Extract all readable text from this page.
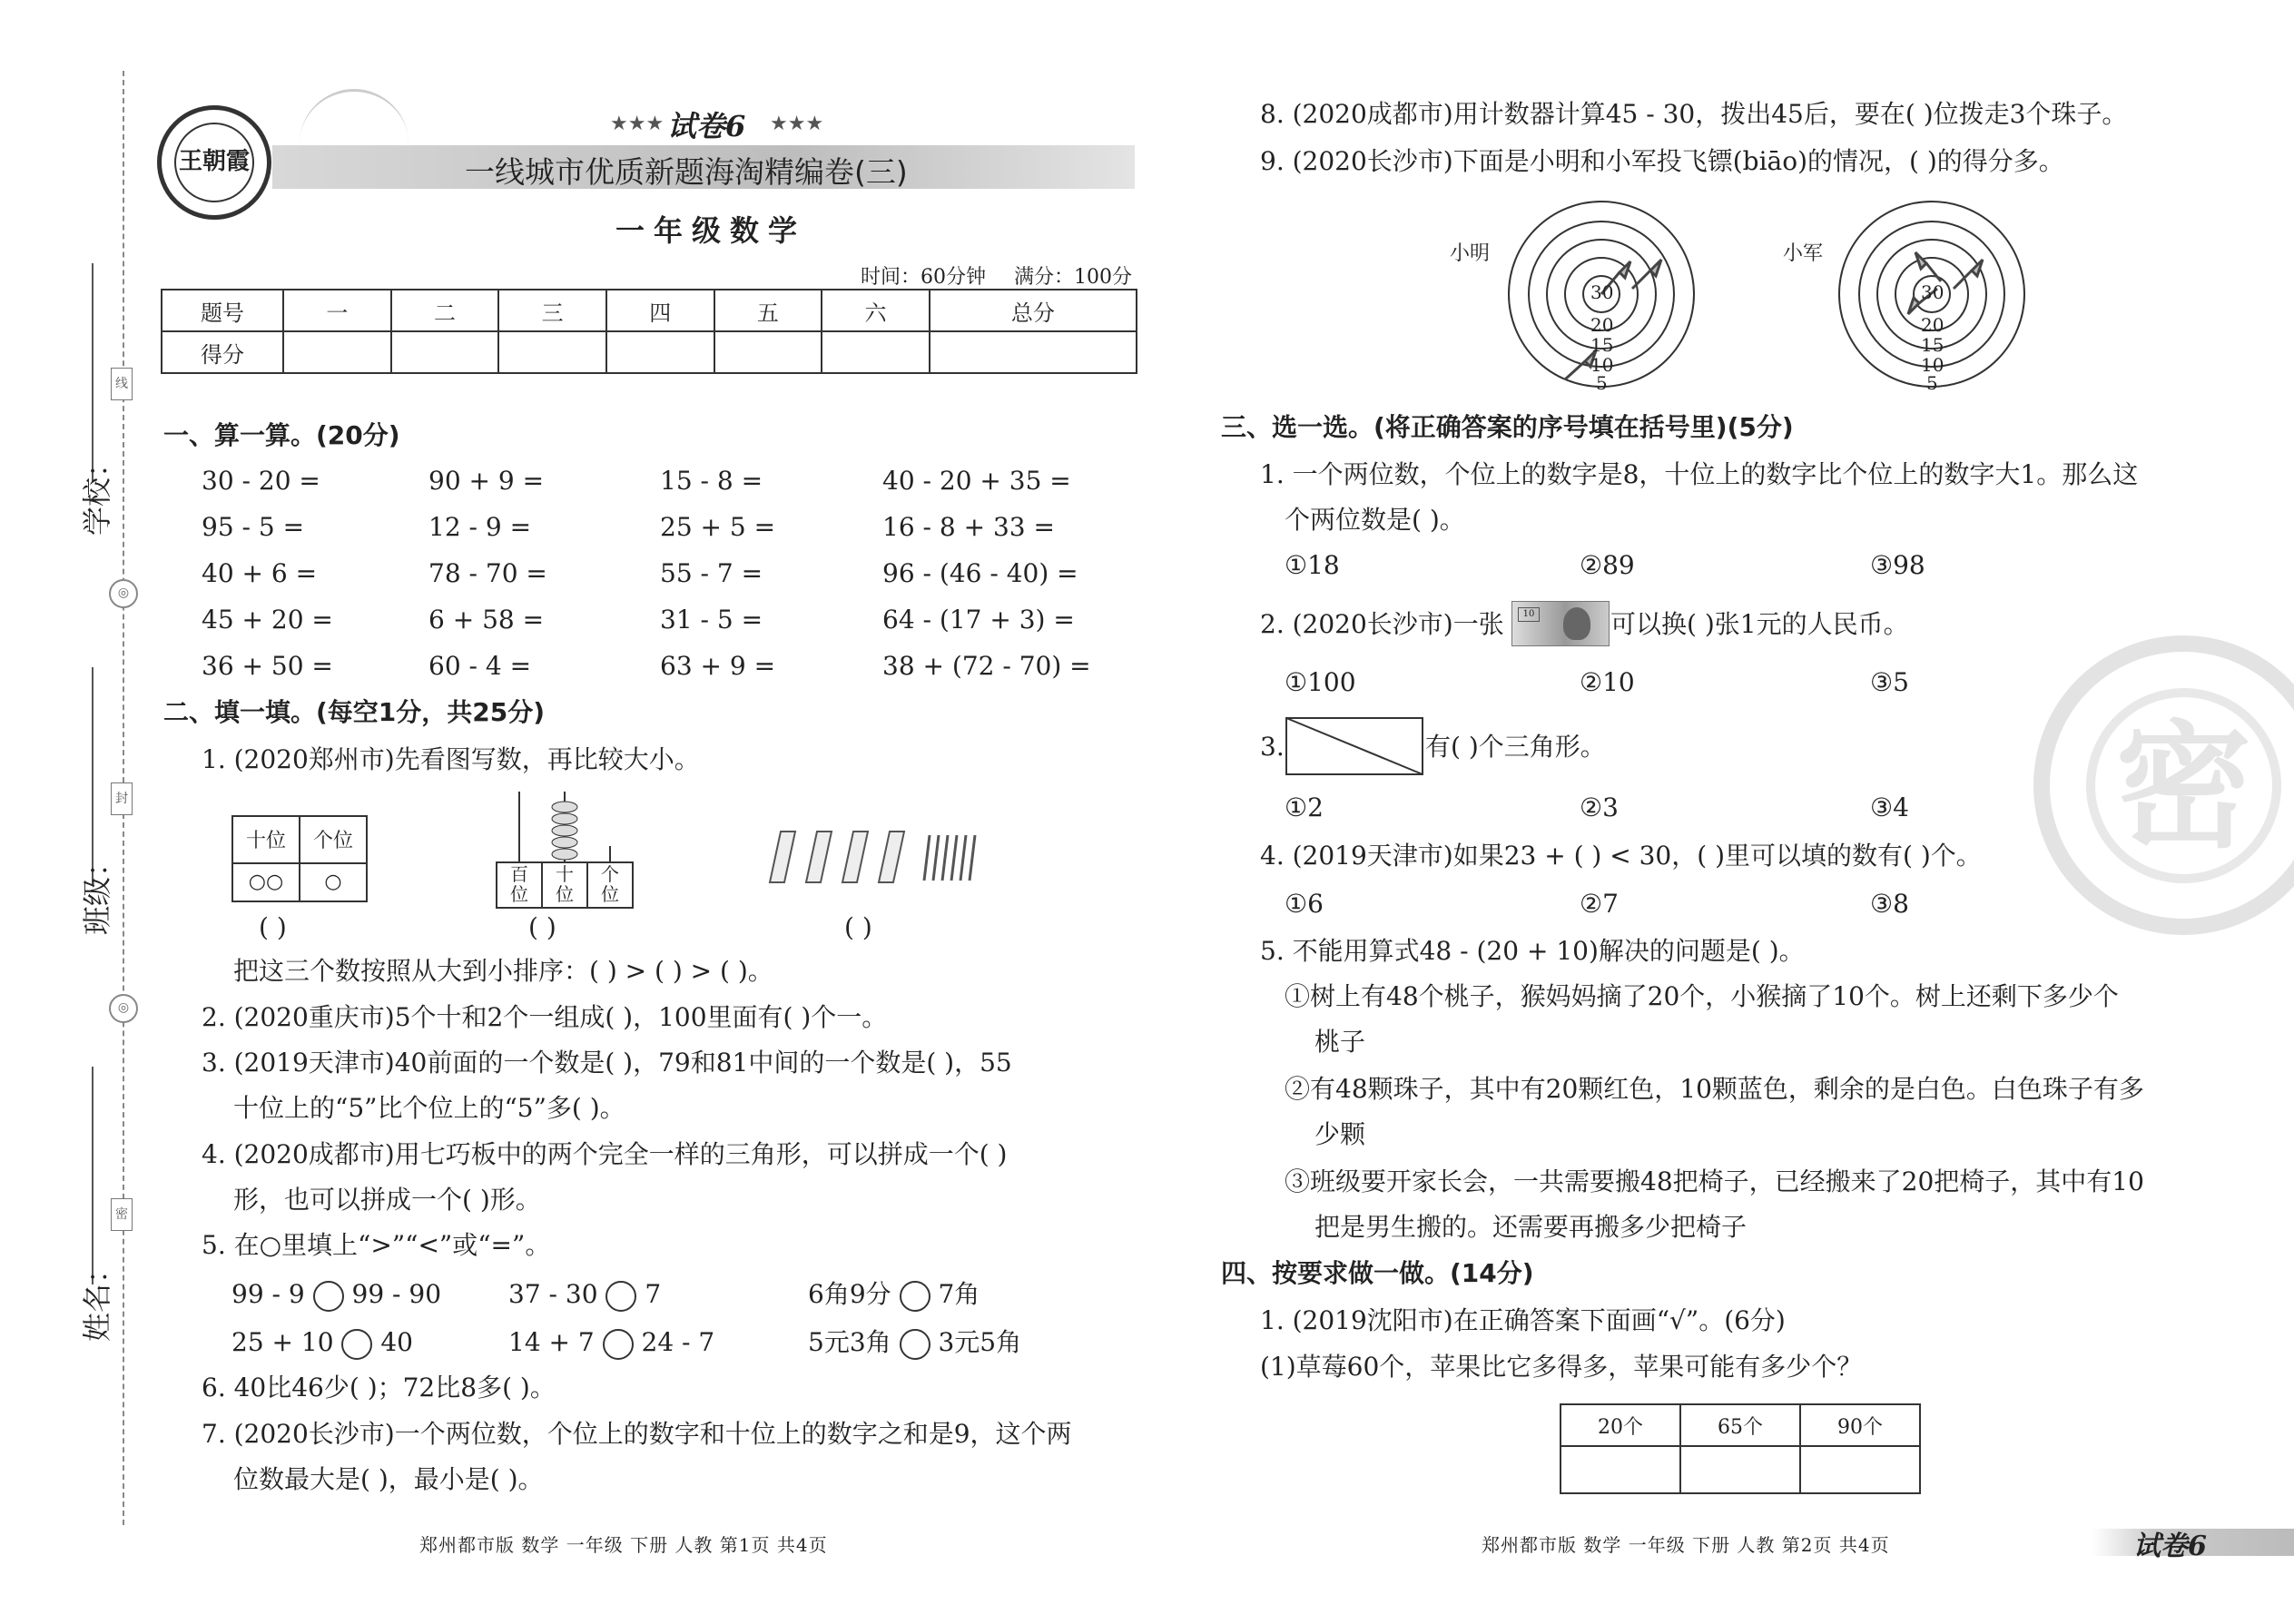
学校：
班级：
姓名：
线
◎
封
◎
密
王朝霞
★★★ 试卷6 ★★★
一线城市优质新题海淘精编卷(三)
一年级数学
时间：60分钟 满分：100分
题号	一	二	三	四	五	六	总分
得分							
一、算一算。(20分)
30 - 20 =	90 + 9 =	15 - 8 =	40 - 20 + 35 =
95 - 5 =	12 - 9 =	25 + 5 =	16 - 8 + 33 =
40 + 6 =	78 - 70 =	55 - 7 =	96 - (46 - 40) =
45 + 20 =	6 + 58 =	31 - 5 =	64 - (17 + 3) =
36 + 50 =	60 - 4 =	63 + 9 =	38 + (72 - 70) =
二、填一填。(每空1分，共25分)
1. (2020郑州市)先看图写数，再比较大小。
十位	个位
○○	○
( )
百位
十位
个位
( )	( )
把这三个数按照从大到小排序：( ) > ( ) > ( )。
2. (2020重庆市)5个十和2个一组成( )，100里面有( )个一。
3. (2019天津市)40前面的一个数是( )，79和81中间的一个数是( )，55
十位上的“5”比个位上的“5”多( )。
4. (2020成都市)用七巧板中的两个完全一样的三角形，可以拼成一个( )
形，也可以拼成一个( )形。
5. 在○里填上“>”“<”或“=”。
99 - 9 99 - 90	37 - 30 7	6角9分 7角
25 + 10 40	14 + 7 24 - 7	5元3角 3元5角
6. 40比46少( )；72比8多( )。
7. (2020长沙市)一个两位数，个位上的数字和十位上的数字之和是9，这个两
位数最大是( )，最小是( )。
郑州都市版 数学 一年级 下册 人教 第1页 共4页
8. (2020成都市)用计数器计算45 - 30，拨出45后，要在( )位拨走3个珠子。
9. (2020长沙市)下面是小明和小军投飞镖(biāo)的情况，( )的得分多。
小明
30
20
15
10
5
小军
30
20
15
10
5
密
三、选一选。(将正确答案的序号填在括号里)(5分)
1. 一个两位数，个位上的数字是8，十位上的数字比个位上的数字大1。那么这
个两位数是( )。
①18	②89	③98
2. (2020长沙市)一张	10	可以换( )张1元的人民币。
①100	②10	③5
3.	有( )个三角形。
①2	②3	③4
4. (2019天津市)如果23 + ( ) < 30，( )里可以填的数有( )个。
①6	②7	③8
5. 不能用算式48 - (20 + 10)解决的问题是( )。
①树上有48个桃子，猴妈妈摘了20个，小猴摘了10个。树上还剩下多少个
桃子
②有48颗珠子，其中有20颗红色，10颗蓝色，剩余的是白色。白色珠子有多
少颗
③班级要开家长会，一共需要搬48把椅子，已经搬来了20把椅子，其中有10
把是男生搬的。还需要再搬多少把椅子
四、按要求做一做。(14分)
1. (2019沈阳市)在正确答案下面画“√”。(6分)
(1)草莓60个，苹果比它多得多，苹果可能有多少个？
20个	65个	90个

郑州都市版 数学 一年级 下册 人教 第2页 共4页	试卷6
